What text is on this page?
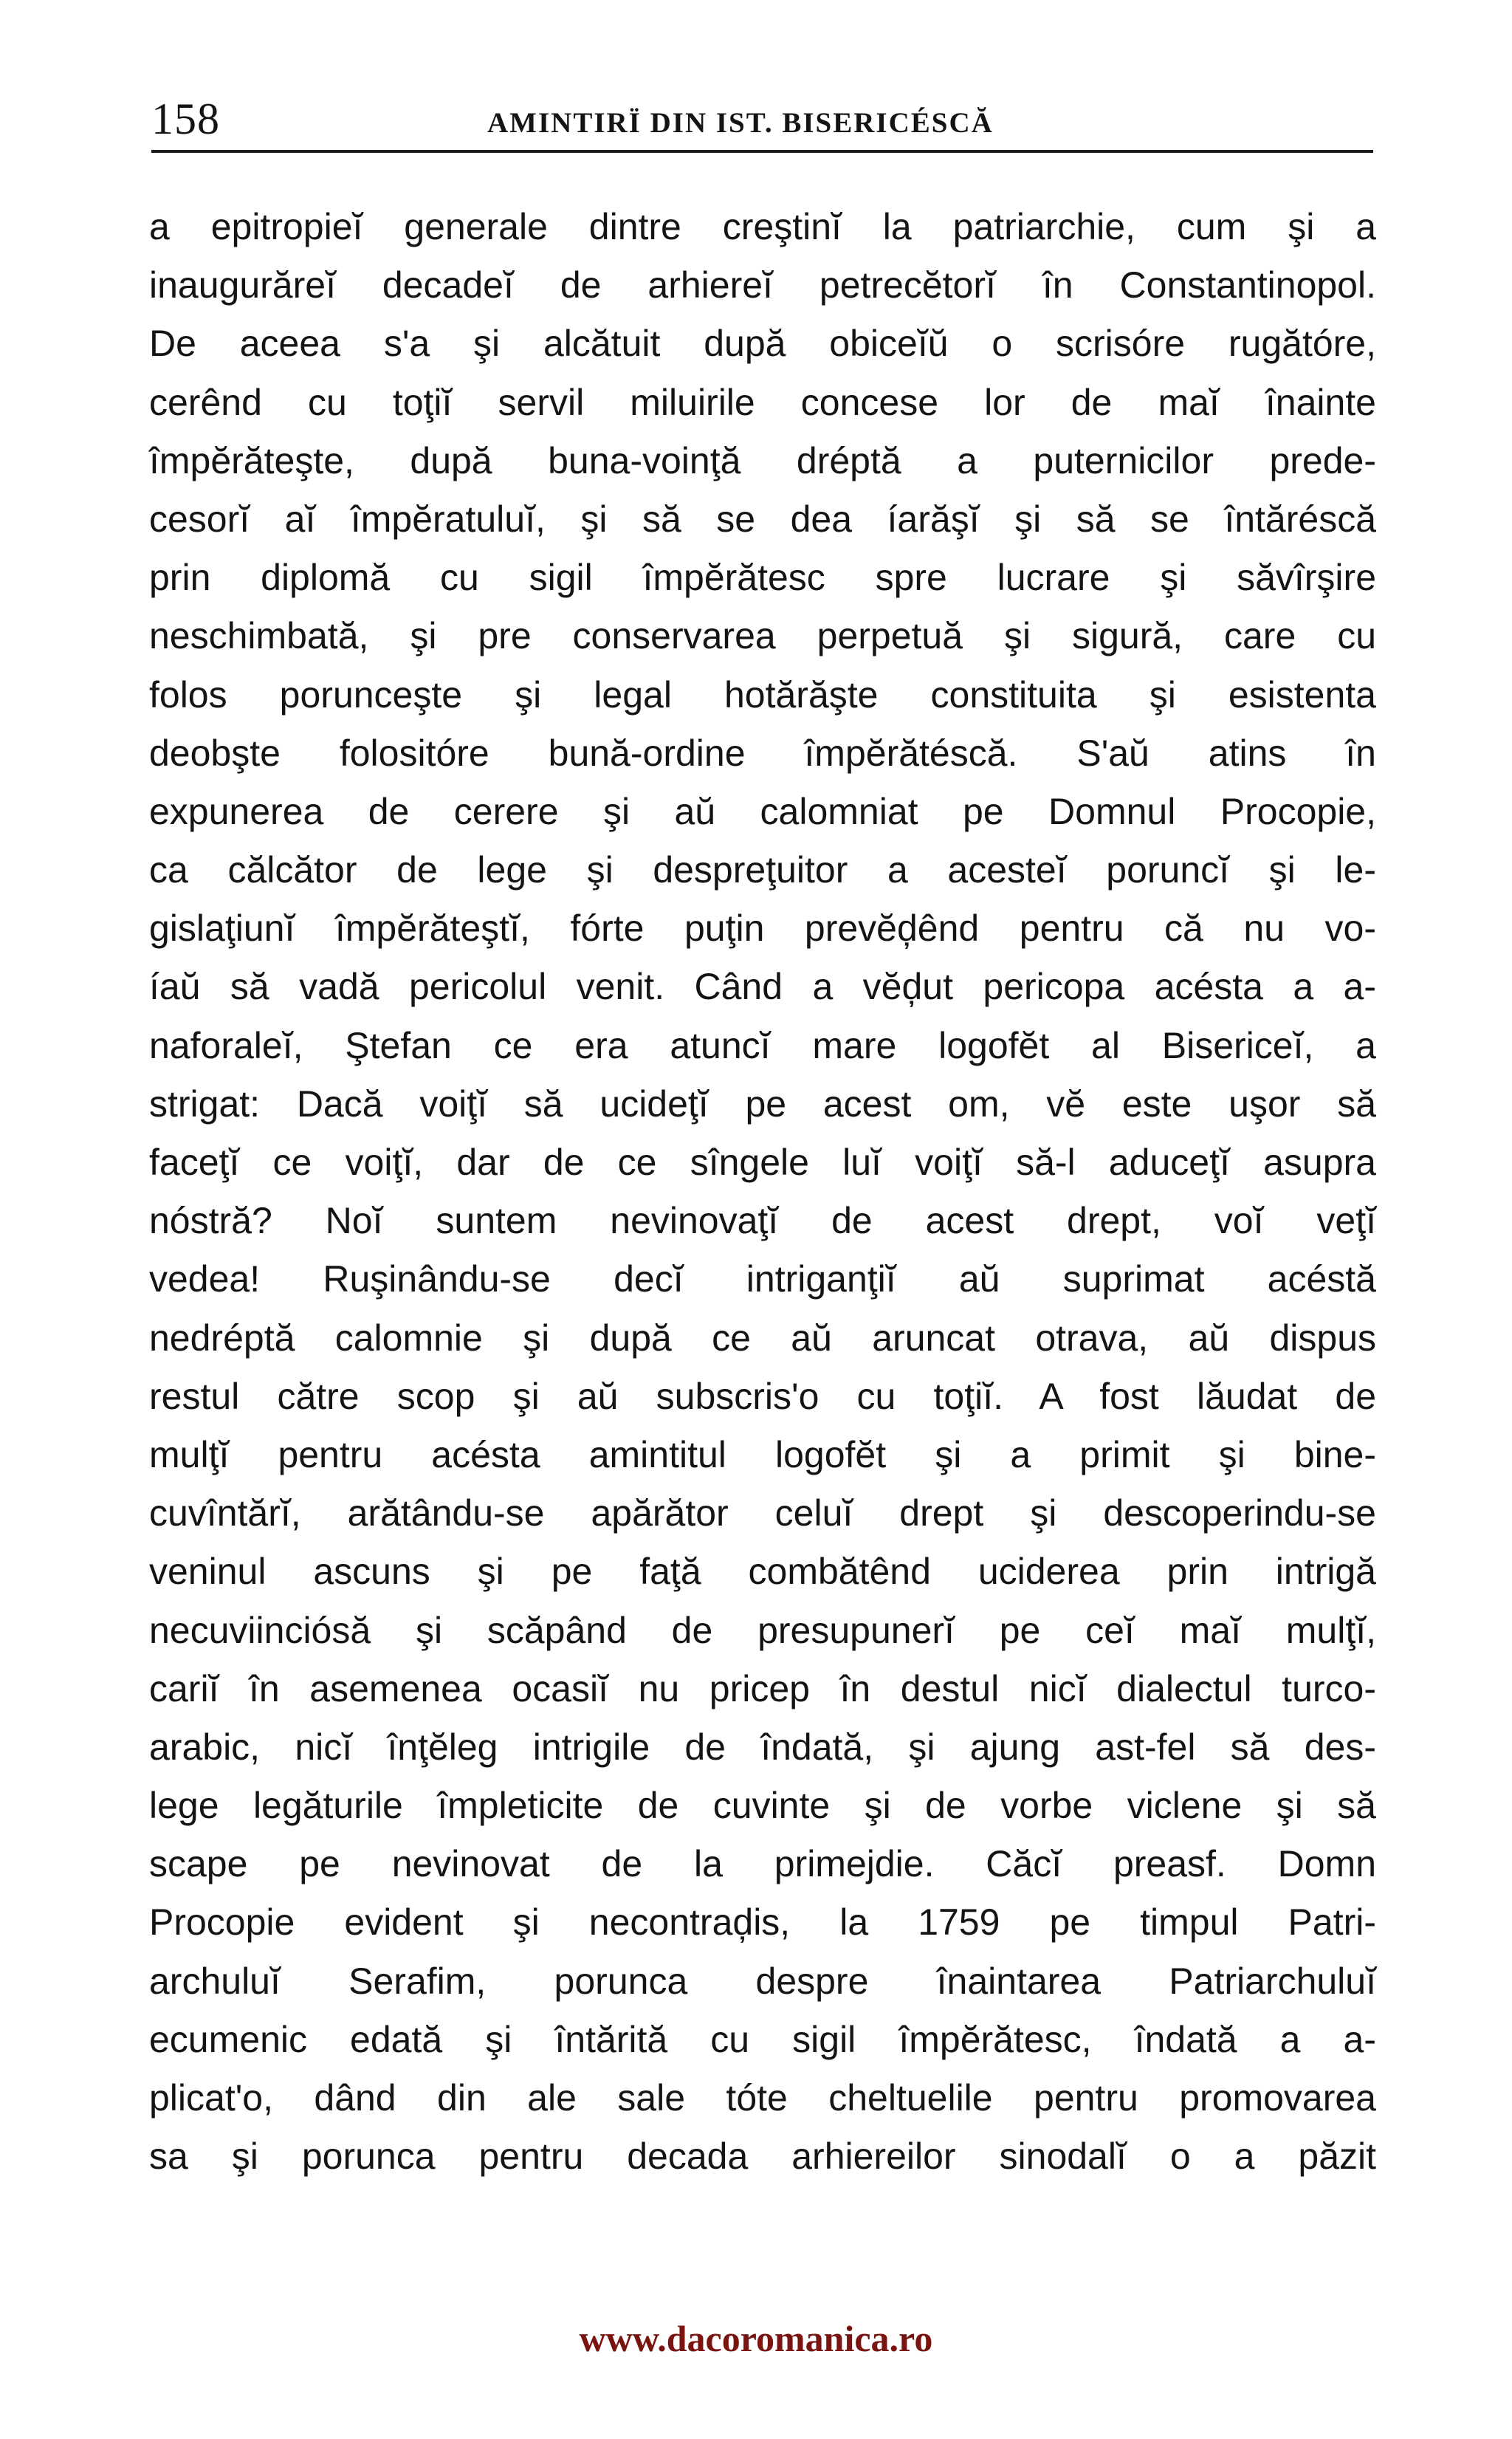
158	AMINTIRÏ DIN IST. BISERICÉSCĂ
a epitropieĭ generale dintre creştinĭ la patriarchie, cum şi a
inaugurăreĭ decadeĭ de arhiereĭ petrecĕtorĭ în Constantinopol.
De aceea s'a şi alcătuit după obiceĭŭ o scrisóre rugătóre,
cerênd cu toţiĭ servil miluirile concese lor de maĭ înainte
împĕrăteşte, după buna-voinţă dréptă a puternicilor prede-
cesorĭ aĭ împĕratuluĭ, şi să se dea íarăşĭ şi să se întăréscă
prin diplomă cu sigil împĕrătesc spre lucrare şi săvîrşire
neschimbată, şi pre conservarea perpetuă şi sigură, care cu
folos porunceşte şi legal hotărăşte constituita şi esistenta
deobşte folositóre bună-ordine împĕrătéscă. S'aŭ atins în
expunerea de cerere şi aŭ calomniat pe Domnul Procopie,
ca călcător de lege şi despreţuitor a acesteĭ poruncĭ şi le-
gislaţiunĭ împĕrăteştĭ, fórte puţin prevĕḑênd pentru că nu vo-
íaŭ să vadă pericolul venit. Când a vĕḑut pericopa acésta a a-
naforaleĭ, Ştefan ce era atuncĭ mare logofĕt al Bisericeĭ, a
strigat: Dacă voiţĭ să ucideţĭ pe acest om, vĕ este uşor să
faceţĭ ce voiţĭ, dar de ce sîngele luĭ voiţĭ să-l aduceţĭ asupra
nóstră? Noĭ suntem nevinovaţĭ de acest drept, voĭ veţĭ
vedea! Ruşinându-se decĭ intriganţiĭ aŭ suprimat acéstă
nedréptă calomnie şi după ce aŭ aruncat otrava, aŭ dispus
restul către scop şi aŭ subscris'o cu toţiĭ. A fost lăudat de
mulţĭ pentru acésta amintitul logofĕt şi a primit şi bine-
cuvîntărĭ, arătându-se apărător celuĭ drept şi descoperindu-se
veninul ascuns şi pe faţă combătênd uciderea prin intrigă
necuviinciósă şi scăpând de presupunerĭ pe ceĭ maĭ mulţĭ,
cariĭ în asemenea ocasiĭ nu pricep în destul nicĭ dialectul turco-
arabic, nicĭ înţĕleg intrigile de îndată, şi ajung ast-fel să des-
lege legăturile împleticite de cuvinte şi de vorbe viclene şi să
scape pe nevinovat de la primejdie. Căcĭ preasf. Domn
Procopie evident şi necontraḑis, la 1759 pe timpul Patri-
archuluĭ Serafim, porunca despre înaintarea Patriarchuluĭ
ecumenic edată şi întărită cu sigil împĕrătesc, îndată a a-
plicat'o, dând din ale sale tóte cheltuelile pentru promovarea
sa şi porunca pentru decada arhiereilor sinodalĭ o a păzit
www.dacoromanica.ro
